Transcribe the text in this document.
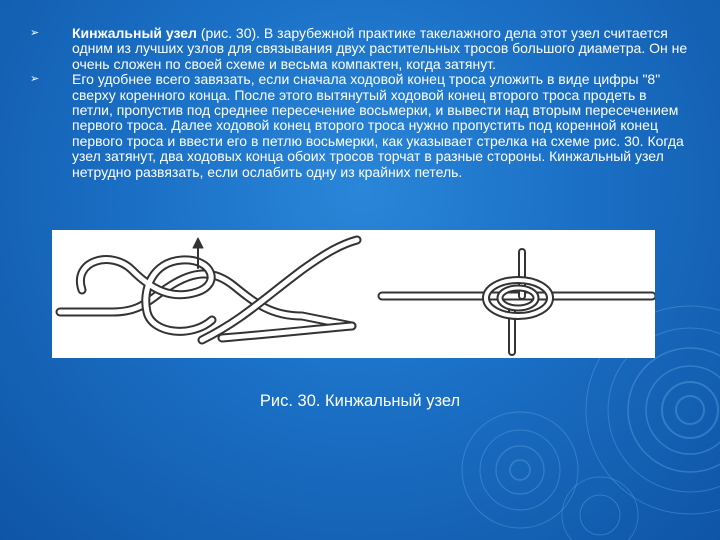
➢ Кинжальный узел (рис. 30). В зарубежной практике такелажного дела этот узел считается одним из лучших узлов для связывания двух растительных тросов большого диаметра. Он не очень сложен по своей схеме и весьма компактен, когда затянут.
➢ Его удобнее всего завязать, если сначала ходовой конец троса уложить в виде цифры "8" сверху коренного конца. После этого вытянутый ходовой конец второго троса продеть в петли, пропустив под среднее пересечение восьмерки, и вывести над вторым пересечением первого троса. Далее ходовой конец второго троса нужно пропустить под коренной конец первого троса и ввести его в петлю восьмерки, как указывает стрелка на схеме рис. 30. Когда узел затянут, два ходовых конца обоих тросов торчат в разные стороны. Кинжальный узел нетрудно развязать, если ослабить одну из крайних петель.
Рис. 30. Кинжальный узел
